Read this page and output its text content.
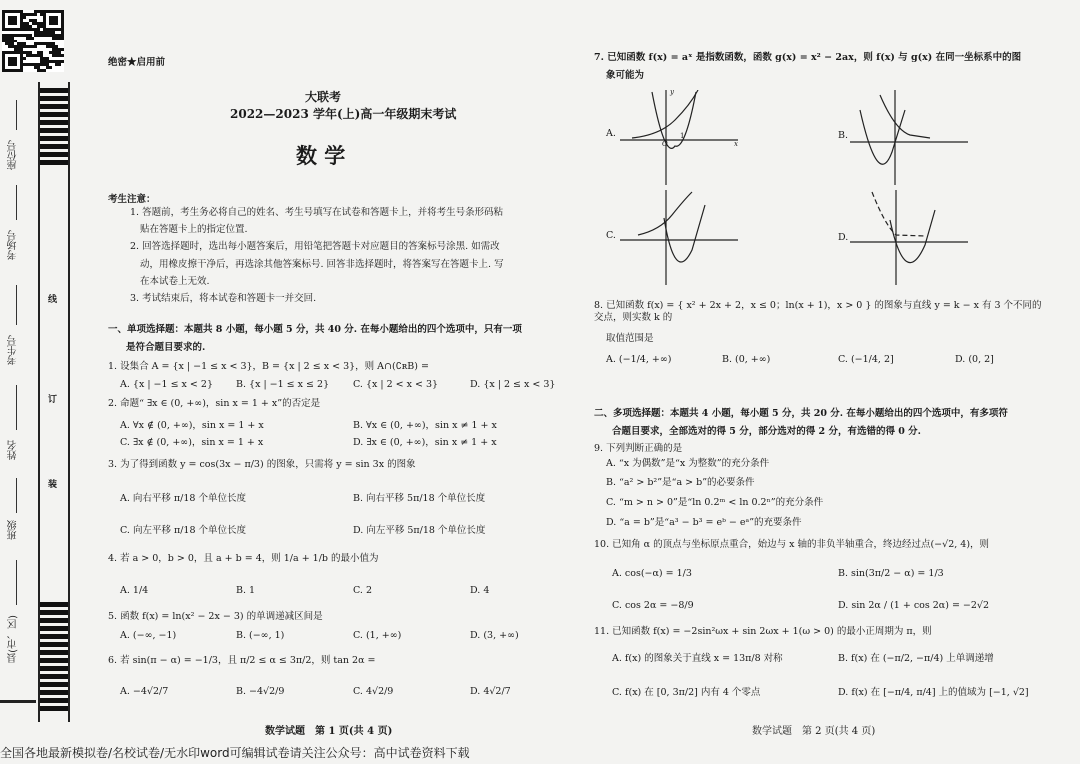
线
订
装
座位号
考场号
考生号
姓名
班级
县(市、区)
绝密★启用前
大联考
2022—2023 学年(上)高一年级期末考试
数 学
考生注意：
1. 答题前，考生务必将自己的姓名、考生号填写在试卷和答题卡上，并将考生号条形码粘
贴在答题卡上的指定位置.
2. 回答选择题时，选出每小题答案后，用铅笔把答题卡对应题目的答案标号涂黑. 如需改
动，用橡皮擦干净后，再选涂其他答案标号. 回答非选择题时，将答案写在答题卡上. 写
在本试卷上无效.
3. 考试结束后，将本试卷和答题卡一并交回.
一、单项选择题：本题共 8 小题，每小题 5 分，共 40 分. 在每小题给出的四个选项中，只有一项
是符合题目要求的.
1. 设集合 A = {x | −1 ≤ x < 3}，B = {x | 2 ≤ x < 3}，则 A∩(∁ʀB) =
A. {x | −1 ≤ x < 2} B. {x | −1 ≤ x ≤ 2}	C. {x | 2 < x < 3}	D. {x | 2 ≤ x < 3}
2. 命题“ ∃x ∈ (0, +∞)，sin x = 1 + x”的否定是
A. ∀x ∉ (0, +∞)，sin x = 1 + x	B. ∀x ∈ (0, +∞)，sin x ≠ 1 + x
C. ∃x ∉ (0, +∞)，sin x = 1 + x	D. ∃x ∈ (0, +∞)，sin x ≠ 1 + x
3. 为了得到函数 y = cos(3x − π/3) 的图象，只需将 y = sin 3x 的图象
A. 向右平移 π/18 个单位长度	B. 向右平移 5π/18 个单位长度
C. 向左平移 π/18 个单位长度	D. 向左平移 5π/18 个单位长度
4. 若 a > 0，b > 0，且 a + b = 4，则 1/a + 1/b 的最小值为
A. 1/4	B. 1	C. 2	D. 4
5. 函数 f(x) = ln(x² − 2x − 3) 的单调递减区间是
A. (−∞, −1)	B. (−∞, 1)	C. (1, +∞)	D. (3, +∞)
6. 若 sin(π − α) = −1/3，且 π/2 ≤ α ≤ 3π/2，则 tan 2α =
A. −4√2/7	B. −4√2/9	C. 4√2/9	D. 4√2/7
数学试题　第 1 页(共 4 页)
7. 已知函数 f(x) = aˣ 是指数函数，函数 g(x) = x² − 2ax，则 f(x) 与 g(x) 在同一坐标系中的图
象可能为
A.	B.
C.	D.
O	x
y
1
8. 已知函数 f(x) = { x² + 2x + 2，x ≤ 0；ln(x + 1)，x > 0 } 的图象与直线 y = k − x 有 3 个不同的交点，则实数 k 的
取值范围是
A. (−1/4, +∞)	B. (0, +∞)	C. (−1/4, 2]	D. (0, 2]
二、多项选择题：本题共 4 小题，每小题 5 分，共 20 分. 在每小题给出的四个选项中，有多项符
合题目要求，全部选对的得 5 分，部分选对的得 2 分，有选错的得 0 分.
9. 下列判断正确的是
A. “x 为偶数”是“x 为整数”的充分条件
B. “a² > b²”是“a > b”的必要条件
C. “m > n > 0”是“ln 0.2ᵐ < ln 0.2ⁿ”的充分条件
D. “a = b”是“a³ − b³ = eᵇ − eᵃ”的充要条件
10. 已知角 α 的顶点与坐标原点重合，始边与 x 轴的非负半轴重合，终边经过点(−√2, 4)，则
A. cos(−α) = 1/3	B. sin(3π/2 − α) = 1/3
C. cos 2α = −8/9	D. sin 2α / (1 + cos 2α) = −2√2
11. 已知函数 f(x) = −2sin²ωx + sin 2ωx + 1(ω > 0) 的最小正周期为 π，则
A. f(x) 的图象关于直线 x = 13π/8 对称	B. f(x) 在 (−π/2, −π/4) 上单调递增
C. f(x) 在 [0, 3π/2] 内有 4 个零点	D. f(x) 在 [−π/4, π/4] 上的值域为 [−1, √2]
数学试题　第 2 页(共 4 页)
全国各地最新模拟卷/名校试卷/无水印word可编辑试卷请关注公众号：高中试卷资料下载
